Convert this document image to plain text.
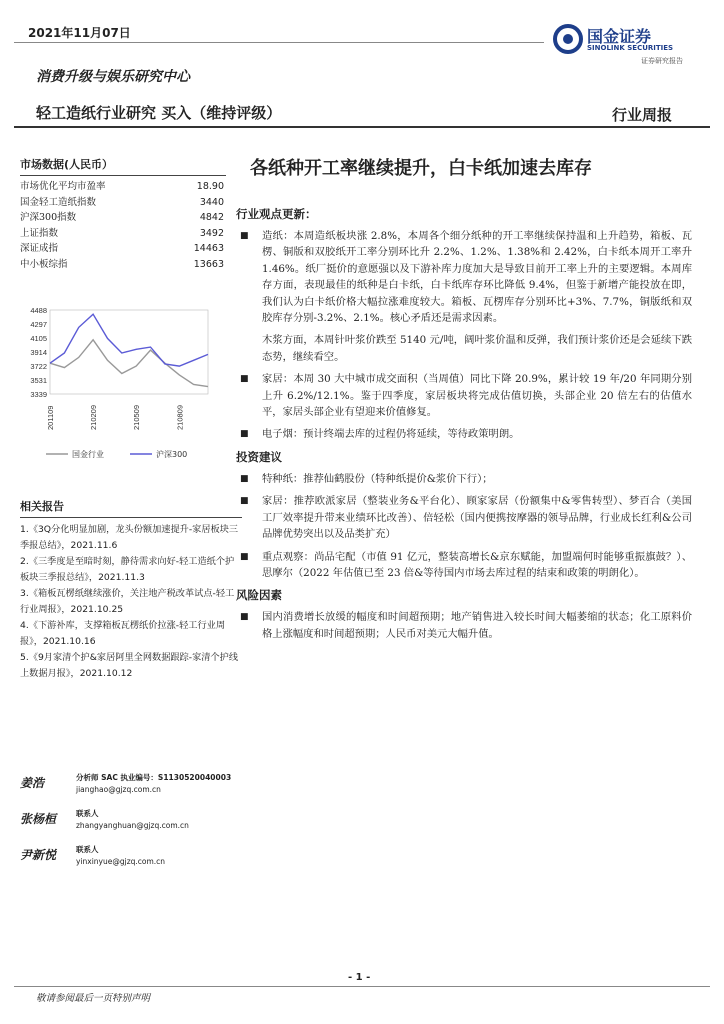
2021年11月07日	国金证券
SINOLINK SECURITIES
证券研究报告
消费升级与娱乐研究中心
轻工造纸行业研究 买入（维持评级）	行业周报
各纸种开工率继续提升，白卡纸加速去库存
市场数据(人民币）
市场优化平均市盈率	18.90
国金轻工造纸指数	3440
沪深300指数	4842
上证指数	3492
深证成指	14463
中小板综指	13663
4488
4297
4105
3914
3722
3531
3339
201109	210209	210509	210809
国金行业	沪深300
相关报告
1.《3Q分化明显加剧，龙头份额加速提升-家居板块三季报总结》，2021.11.6
2.《三季度是至暗时刻，静待需求向好-轻工造纸个护板块三季报总结》，2021.11.3
3.《箱板瓦楞纸继续涨价，关注地产税改革试点-轻工行业周报》，2021.10.25
4.《下游补库，支撑箱板瓦楞纸价拉涨-轻工行业周报》，2021.10.16
5.《9月家清个护&家居阿里全网数据跟踪-家清个护线上数据月报》，2021.10.12
姜浩	分析师 SAC 执业编号：S1130520040003
jianghao@gjzq.com.cn
张杨桓	联系人
zhangyanghuan@gjzq.com.cn
尹新悦	联系人
yinxinyue@gjzq.com.cn
行业观点更新：
■ 造纸：本周造纸板块涨 2.8%，本周各个细分纸种的开工率继续保持温和上升趋势，箱板、瓦楞、铜版和双胶纸开工率分别环比升 2.2%、1.2%、1.38%和 2.42%，白卡纸本周开工率升 1.46%。纸厂挺价的意愿强以及下游补库力度加大是导致目前开工率上升的主要逻辑。本周库存方面，表现最佳的纸种是白卡纸，白卡纸库存环比降低 9.4%，但鉴于新增产能投放在即，我们认为白卡纸价格大幅拉涨难度较大。箱板、瓦楞库存分别环比+3%、7.7%，铜版纸和双胶库存分别-3.2%、2.1%。核心矛盾还是需求因素。
木浆方面，本周针叶浆价跌至 5140 元/吨，阔叶浆价温和反弹，我们预计浆价还是会延续下跌态势，继续看空。
■ 家居：本周 30 大中城市成交面积（当周值）同比下降 20.9%，累计较 19 年/20 年同期分别上升 6.2%/12.1%。鉴于四季度，家居板块将完成估值切换，头部企业 20 倍左右的估值水平，家居头部企业有望迎来价值修复。
■ 电子烟：预计终端去库的过程仍将延续，等待政策明朗。
投资建议
■ 特种纸：推荐仙鹤股份（特种纸提价&浆价下行）；
■ 家居：推荐欧派家居（整装业务&平台化）、顾家家居（份额集中&零售转型）、梦百合（美国工厂效率提升带来业绩环比改善）、倍轻松（国内便携按摩器的领导品牌，行业成长红利&公司品牌优势突出以及品类扩充）
■ 重点观察：尚品宅配（市值 91 亿元，整装高增长&京东赋能，加盟端何时能够重振旗鼓？）、思摩尔（2022 年估值已至 23 倍&等待国内市场去库过程的结束和政策的明朗化）。
风险因素
■ 国内消费增长放缓的幅度和时间超预期；地产销售进入较长时间大幅萎缩的状态；化工原料价格上涨幅度和时间超预期；人民币对美元大幅升值。
- 1 -
敬请参阅最后一页特别声明
